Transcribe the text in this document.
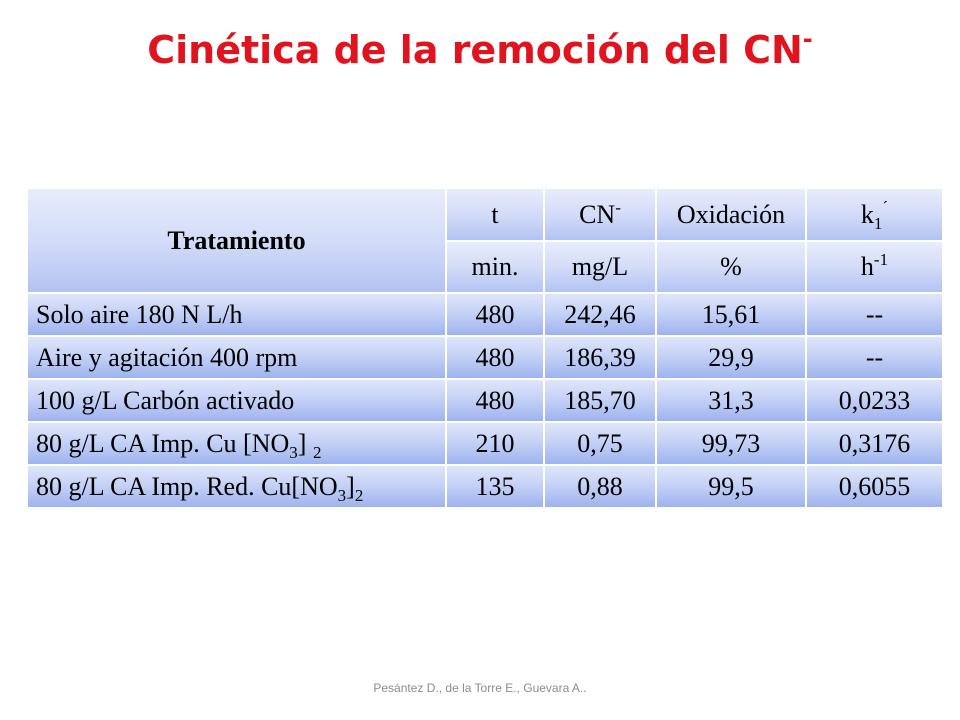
Cinética de la remoción del CN-
Tratamiento	t	CN-	Oxidación	$k_1^´$
	min.	mg/L	%	$h^{-1}$
Solo aire 180 N L/h	480	242,46	15,61	--
Aire y agitación 400 rpm	480	186,39	29,9	--
100 g/L Carbón activado	480	185,70	31,3	0,0233
80 g/L CA Imp. Cu $[NO_3]$ $_2$	210	0,75	99,73	0,3176
80 g/L CA Imp. Red. $Cu[NO_3]_2$	135	0,88	99,5	0,6055
Pesántez D., de la Torre E., Guevara A..
